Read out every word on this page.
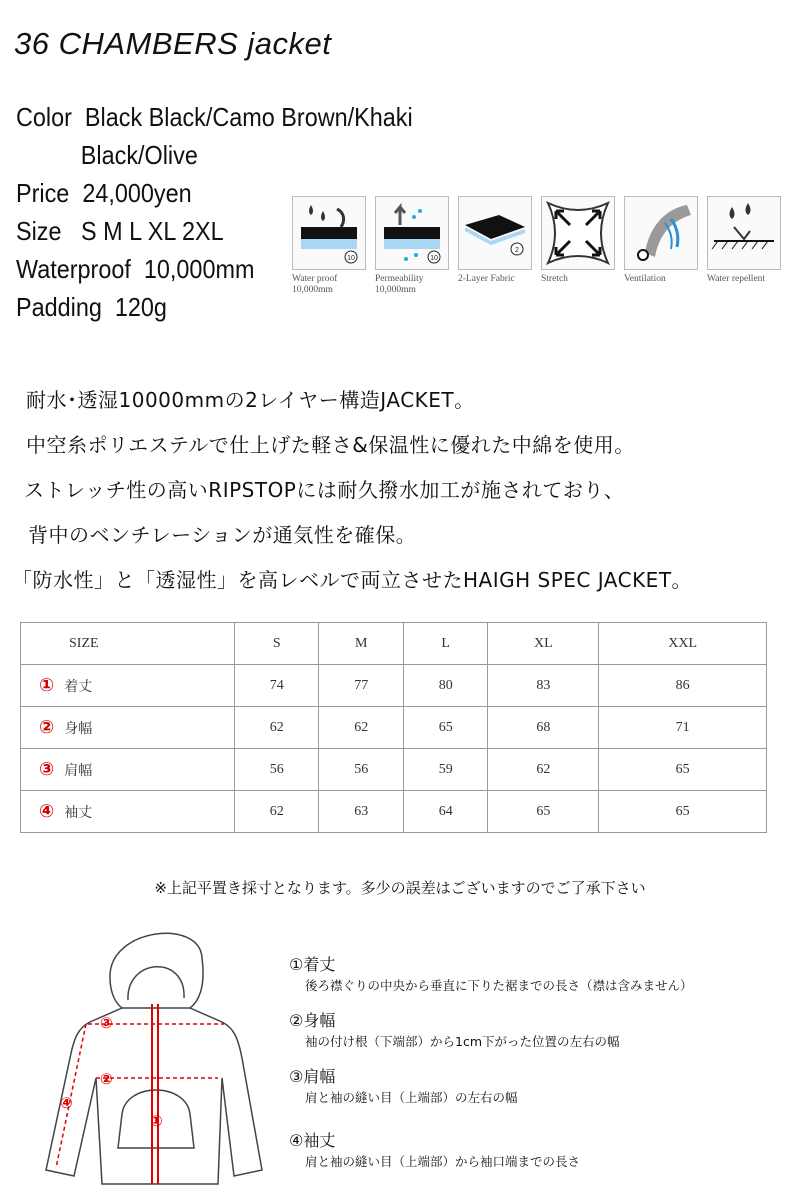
36 CHAMBERS jacket
Color Black Black/Camo Brown/Khaki
Black/Olive
Price 24,000yen
Size S M L XL 2XL
Waterproof 10,000mm
Padding 120g
10
Water proof
10,000mm
10
Permeability
10,000mm
2
2-Layer Fabric	Stretch	Ventilation	Water repellent
耐水･透湿10000mmの2レイヤー構造JACKET。
中空糸ポリエステルで仕上げた軽さ&保温性に優れた中綿を使用。
ストレッチ性の高いRIPSTOPには耐久撥水加工が施されており、
背中のベンチレーションが通気性を確保。
「防水性」と「透湿性」を高レベルで両立させたHAIGH SPEC JACKET。
SIZE	S	M	L	XL	XXL
① 着丈	74	77	80	83	86
② 身幅	62	62	65	68	71
③ 肩幅	56	56	59	62	65
④ 袖丈	62	63	64	65	65
※上記平置き採寸となります。多少の誤差はございますのでご了承下さい
③
②
④
①
①着丈
後ろ襟ぐりの中央から垂直に下りた裾までの長さ（襟は含みません）
②身幅
袖の付け根（下端部）から1cm下がった位置の左右の幅
③肩幅
肩と袖の縫い目（上端部）の左右の幅
④袖丈
肩と袖の縫い目（上端部）から袖口端までの長さ
